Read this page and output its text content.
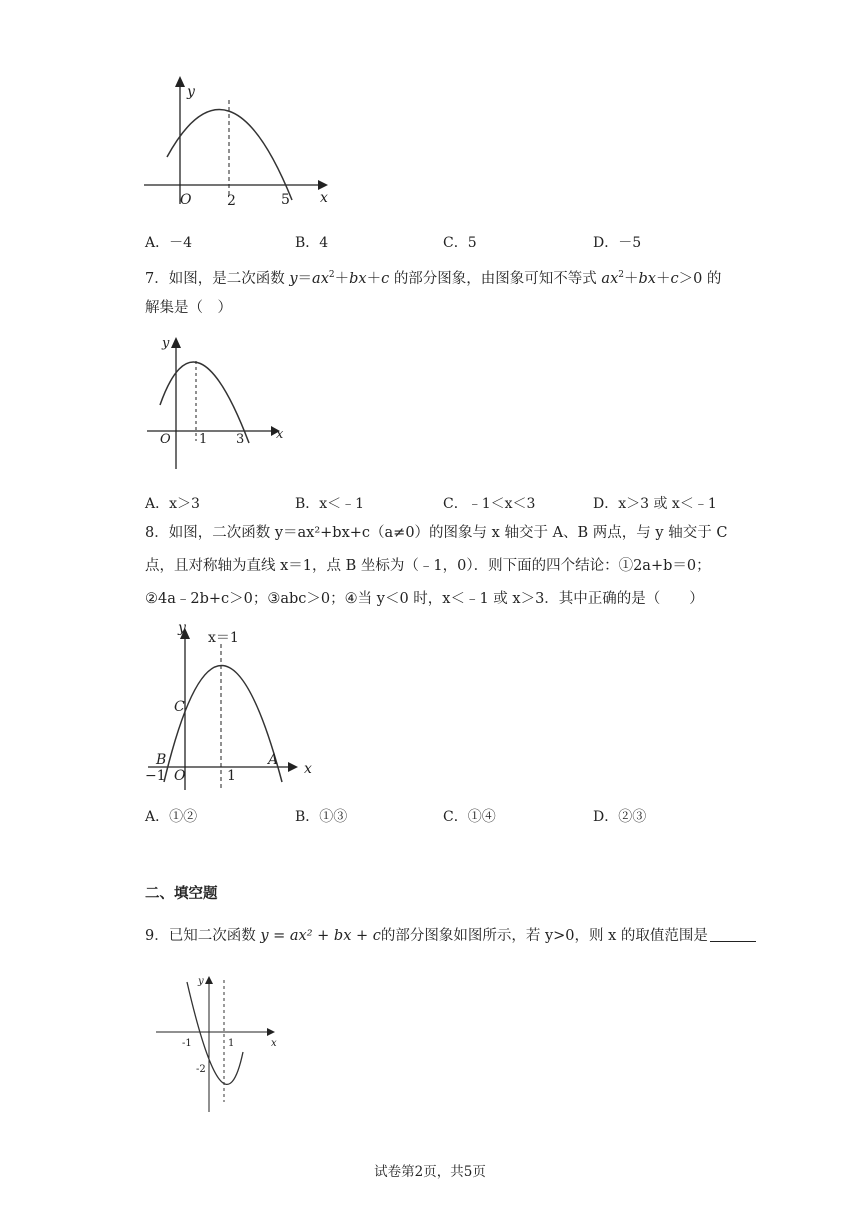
y
x
O	2	5
A．－4	B．4	C．5	D．－5
7．如图，是二次函数 $y=ax^2+bx+c$ 的部分图象，由图象可知不等式 $ax^2+bx+c>0$ 的
解集是（　）
y
x
O 1 3
A．x＞3	B．x＜﹣1	C．﹣1＜x＜3	D．x＞3 或 x＜﹣1
8．如图，二次函数 y＝ax²+bx+c（a≠0）的图象与 x 轴交于 A、B 两点，与 y 轴交于 C
点，且对称轴为直线 x＝1，点 B 坐标为（﹣1，0）．则下面的四个结论：①2a+b＝0；
②4a﹣2b+c＞0；③abc＞0；④当 y＜0 时，x＜﹣1 或 x＞3．其中正确的是（　　）
y
x＝1
x
O
C
B	A
−1	1
A．①②	B．①③	C．①④	D．②③
二、填空题
9．已知二次函数 y = ax² + bx + c的部分图象如图所示，若 y>0，则 x 的取值范围是
y
x
-1	1
-2
试卷第2页，共5页
